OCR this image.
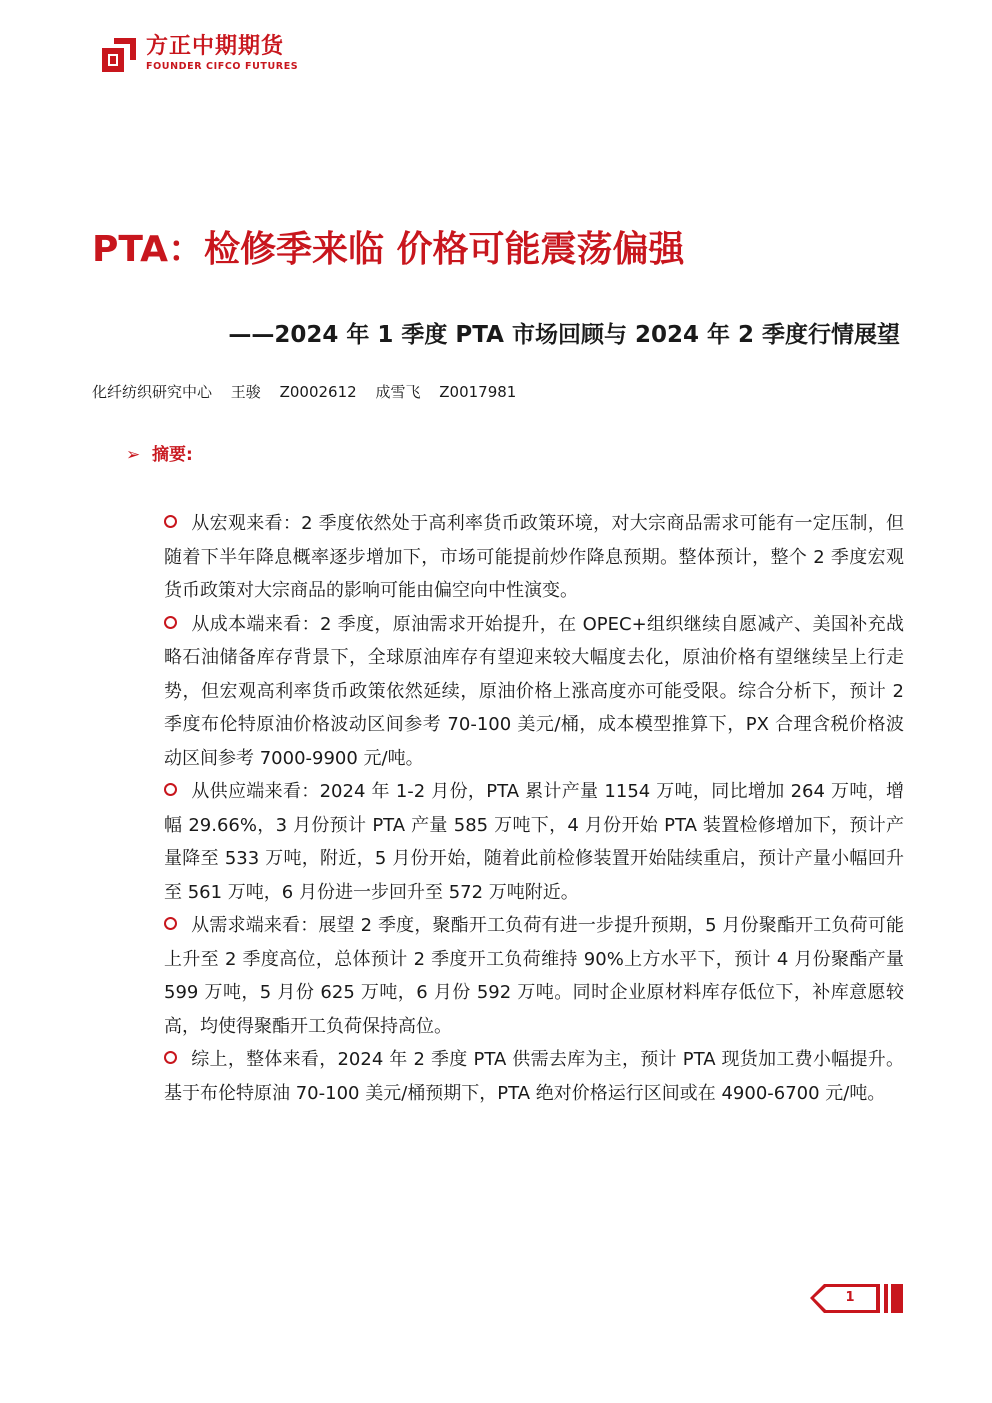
方正中期期货
FOUNDER CIFCO FUTURES
PTA：检修季来临 价格可能震荡偏强
——2024 年 1 季度 PTA 市场回顾与 2024 年 2 季度行情展望
化纤纺织研究中心 王骏 Z0002612 成雪飞 Z0017981
➢ 摘要:

从宏观来看：2 季度依然处于高利率货币政策环境，对大宗商品需求可能有一定压制，但随着下半年降息概率逐步增加下，市场可能提前炒作降息预期。整体预计，整个 2 季度宏观货币政策对大宗商品的影响可能由偏空向中性演变。

从成本端来看：2 季度，原油需求开始提升，在 OPEC+组织继续自愿减产、美国补充战略石油储备库存背景下，全球原油库存有望迎来较大幅度去化，原油价格有望继续呈上行走势，但宏观高利率货币政策依然延续，原油价格上涨高度亦可能受限。综合分析下，预计 2 季度布伦特原油价格波动区间参考 70-100 美元/桶，成本模型推算下，PX 合理含税价格波动区间参考 7000-9900 元/吨。

从供应端来看：2024 年 1-2 月份，PTA 累计产量 1154 万吨，同比增加 264 万吨，增幅 29.66%，3 月份预计 PTA 产量 585 万吨下，4 月份开始 PTA 装置检修增加下，预计产量降至 533 万吨，附近，5 月份开始，随着此前检修装置开始陆续重启，预计产量小幅回升至 561 万吨，6 月份进一步回升至 572 万吨附近。

从需求端来看：展望 2 季度，聚酯开工负荷有进一步提升预期，5 月份聚酯开工负荷可能上升至 2 季度高位，总体预计 2 季度开工负荷维持 90%上方水平下，预计 4 月份聚酯产量 599 万吨，5 月份 625 万吨，6 月份 592 万吨。同时企业原材料库存低位下，补库意愿较高，均使得聚酯开工负荷保持高位。

综上，整体来看，2024 年 2 季度 PTA 供需去库为主，预计 PTA 现货加工费小幅提升。基于布伦特原油 70-100 美元/桶预期下，PTA 绝对价格运行区间或在 4900-6700 元/吨。

1
